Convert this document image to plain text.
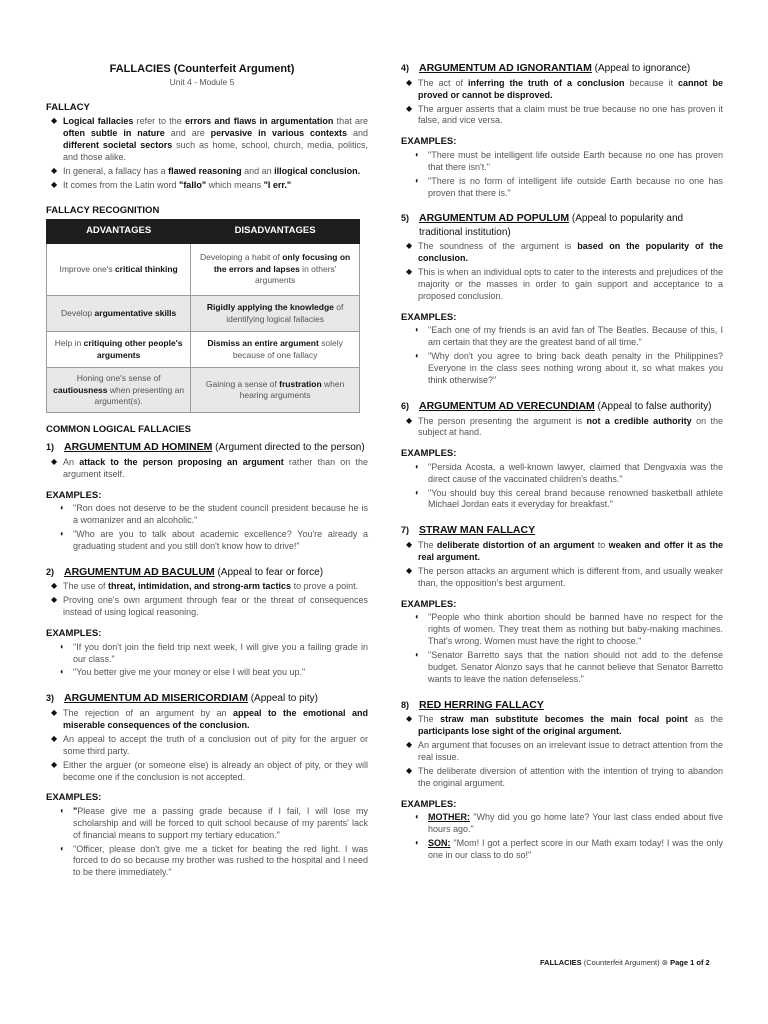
FALLACIES (Counterfeit Argument)
Unit 4 - Module 5
FALLACY
◆ Logical fallacies refer to the errors and flaws in argumentation that are often subtle in nature and are pervasive in various contexts and different societal sectors such as home, school, church, media, politics, and those alike.
◆ In general, a fallacy has a flawed reasoning and an illogical conclusion.
◆ It comes from the Latin word "fallo" which means "I err."
FALLACY RECOGNITION
ADVANTAGES	DISADVANTAGES
Improve one's critical thinking	Developing a habit of only focusing on the errors and lapses in others' arguments
Develop argumentative skills	Rigidly applying the knowledge of identifying logical fallacies
Help in critiquing other people's arguments	Dismiss an entire argument solely because of one fallacy
Honing one's sense of cautiousness when presenting an argument(s).	Gaining a sense of frustration when hearing arguments
COMMON LOGICAL FALLACIES
1) ARGUMENTUM AD HOMINEM (Argument directed to the person)
◆ An attack to the person proposing an argument rather than on the argument itself.
EXAMPLES:
◐ "Ron does not deserve to be the student council president because he is a womanizer and an alcoholic."
◐ "Who are you to talk about academic excellence? You're already a graduating student and you still don't know how to drive!"
2) ARGUMENTUM AD BACULUM (Appeal to fear or force)
◆ The use of threat, intimidation, and strong-arm tactics to prove a point.
◆ Proving one's own argument through fear or the threat of consequences instead of using logical reasoning.
EXAMPLES:
◐ "If you don't join the field trip next week, I will give you a failing grade in our class."
◐ "You better give me your money or else I will beat you up."
3) ARGUMENTUM AD MISERICORDIAM (Appeal to pity)
◆ The rejection of an argument by an appeal to the emotional and miserable consequences of the conclusion.
◆ An appeal to accept the truth of a conclusion out of pity for the arguer or some third party.
◆ Either the arguer (or someone else) is already an object of pity, or they will become one if the conclusion is not accepted.
EXAMPLES:
◐ "Please give me a passing grade because if I fail, I will lose my scholarship and will be forced to quit school because of my parents' lack of financial means to support my tertiary education."
◐ "Officer, please don't give me a ticket for beating the red light. I was forced to do so because my brother was rushed to the hospital and I need to be there immediately."
4) ARGUMENTUM AD IGNORANTIAM (Appeal to ignorance)
◆ The act of inferring the truth of a conclusion because it cannot be proved or cannot be disproved.
◆ The arguer asserts that a claim must be true because no one has proven it false, and vice versa.
EXAMPLES:
◐ "There must be intelligent life outside Earth because no one has proven that there isn't."
◐ "There is no form of intelligent life outside Earth because no one has proven that there is."
5) ARGUMENTUM AD POPULUM (Appeal to popularity and traditional institution)
◆ The soundness of the argument is based on the popularity of the conclusion.
◆ This is when an individual opts to cater to the interests and prejudices of the majority or the masses in order to gain support and acceptance to a proposed conclusion.
EXAMPLES:
◐ "Each one of my friends is an avid fan of The Beatles. Because of this, I am certain that they are the greatest band of all time."
◐ "Why don't you agree to bring back death penalty in the Philippines? Everyone in the class sees nothing wrong about it, so what makes you think otherwise?"
6) ARGUMENTUM AD VERECUNDIAM (Appeal to false authority)
◆ The person presenting the argument is not a credible authority on the subject at hand.
EXAMPLES:
◐ "Persida Acosta, a well-known lawyer, claimed that Dengvaxia was the direct cause of the vaccinated children's deaths."
◐ "You should buy this cereal brand because renowned basketball athlete Michael Jordan eats it everyday for breakfast."
7) STRAW MAN FALLACY
◆ The deliberate distortion of an argument to weaken and offer it as the real argument.
◆ The person attacks an argument which is different from, and usually weaker than, the opposition's best argument.
EXAMPLES:
◐ "People who think abortion should be banned have no respect for the rights of women. They treat them as nothing but baby-making machines. That's wrong. Women must have the right to choose."
◐ "Senator Barretto says that the nation should not add to the defense budget. Senator Alonzo says that he cannot believe that Senator Barretto wants to leave the nation defenseless."
8) RED HERRING FALLACY
◆ The straw man substitute becomes the main focal point as the participants lose sight of the original argument.
◆ An argument that focuses on an irrelevant issue to detract attention from the real issue.
◆ The deliberate diversion of attention with the intention of trying to abandon the original argument.
EXAMPLES:
◐ MOTHER: "Why did you go home late? Your last class ended about five hours ago."
◐ SON: "Mom! I got a perfect score in our Math exam today! I was the only one in our class to do so!"
FALLACIES (Counterfeit Argument) ⊛ Page 1 of 2
